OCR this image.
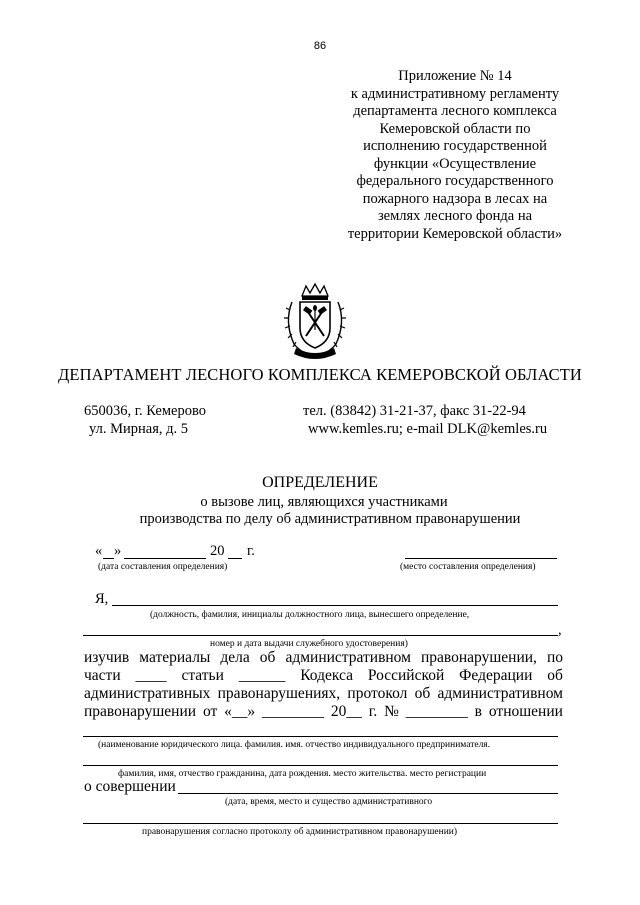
86
Приложение № 14
к административному регламенту
департамента лесного комплекса
Кемеровской области по
исполнению государственной
функции «Осуществление
федерального государственного
пожарного надзора в лесах на
землях лесного фонда на
территории Кемеровской области»
ДЕПАРТАМЕНТ ЛЕСНОГО КОМПЛЕКСА КЕМЕРОВСКОЙ ОБЛАСТИ
650036, г. Кемерово
ул. Мирная, д. 5
тел. (83842) 31-21-37, факс 31-22-94
www.kemles.ru; e-mail DLK@kemles.ru
ОПРЕДЕЛЕНИЕ
о вызове лиц, являющихся участниками
производства по делу об административном правонарушении
« »	20 г.
(дата составления определения)	(место составления определения)
Я,
(должность, фамилия, инициалы должностного лица, вынесшего определение,
,
номер и дата выдачи служебного удостоверения)
изучив материалы дела об административном правонарушении, по
части ____ статьи ______ Кодекса Российской Федерации об
административных правонарушениях, протокол об административном
правонарушении от «__» ________ 20__ г. № ________ в отношении
(наименование юридического лица. фамилия. имя. отчество индивидуального предпринимателя.
фамилия, имя, отчество гражданина, дата рождения. место жительства. место регистрации
о совершении
(дата, время, место и существо административного
правонарушения согласно протоколу об административном правонарушении)
